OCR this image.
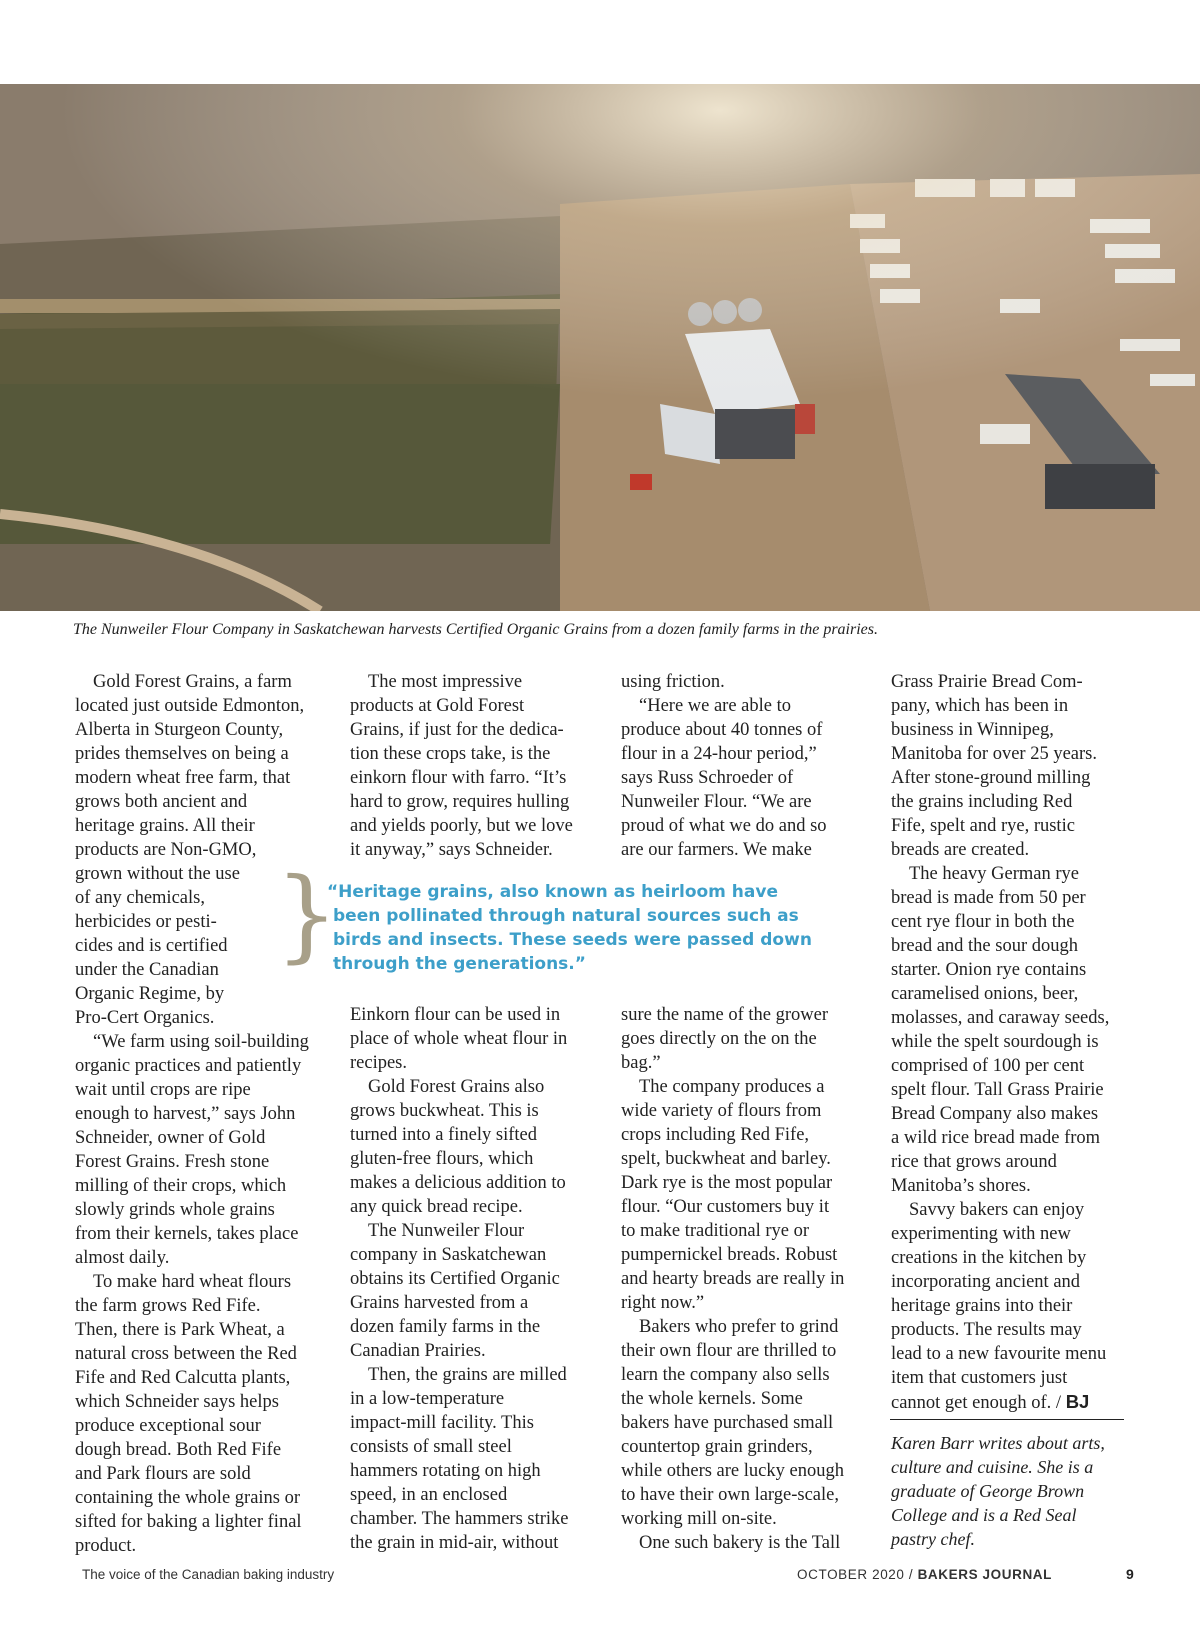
The Nunweiler Flour Company in Saskatchewan harvests Certified Organic Grains from a dozen family farms in the prairies.

Gold Forest Grains, a farm

located just outside Edmonton,

Alberta in Sturgeon County,

prides themselves on being a

modern wheat free farm, that

grows both ancient and

heritage grains. All their

products are Non-GMO,

grown without the use

of any chemicals,

herbicides or pesti-

cides and is certified

under the Canadian

Organic Regime, by

Pro-Cert Organics.

“We farm using soil-building

organic practices and patiently

wait until crops are ripe

enough to harvest,” says John

Schneider, owner of Gold

Forest Grains. Fresh stone

milling of their crops, which

slowly grinds whole grains

from their kernels, takes place

almost daily.

To make hard wheat flours

the farm grows Red Fife.

Then, there is Park Wheat, a

natural cross between the Red

Fife and Red Calcutta plants,

which Schneider says helps

produce exceptional sour

dough bread. Both Red Fife

and Park flours are sold

containing the whole grains or

sifted for baking a lighter final

product.

The most impressive

products at Gold Forest

Grains, if just for the dedica-

tion these crops take, is the

einkorn flour with farro. “It’s

hard to grow, requires hulling

and yields poorly, but we love

it anyway,” says Schneider.

using friction.

“Here we are able to

produce about 40 tonnes of

flour in a 24-hour period,”

says Russ Schroeder of

Nunweiler Flour. “We are

proud of what we do and so

are our farmers. We make

}
“Heritage grains, also known as heirloom have
been pollinated through natural sources such as
birds and insects. These seeds were passed down
through the generations.”

Einkorn flour can be used in

place of whole wheat flour in

recipes.

Gold Forest Grains also

grows buckwheat. This is

turned into a finely sifted

gluten-free flours, which

makes a delicious addition to

any quick bread recipe.

The Nunweiler Flour

company in Saskatchewan

obtains its Certified Organic

Grains harvested from a

dozen family farms in the

Canadian Prairies.

Then, the grains are milled

in a low-temperature

impact-mill facility. This

consists of small steel

hammers rotating on high

speed, in an enclosed

chamber. The hammers strike

the grain in mid-air, without

sure the name of the grower

goes directly on the on the

bag.”

The company produces a

wide variety of flours from

crops including Red Fife,

spelt, buckwheat and barley.

Dark rye is the most popular

flour. “Our customers buy it

to make traditional rye or

pumpernickel breads. Robust

and hearty breads are really in

right now.”

Bakers who prefer to grind

their own flour are thrilled to

learn the company also sells

the whole kernels. Some

bakers have purchased small

countertop grain grinders,

while others are lucky enough

to have their own large-scale,

working mill on-site.

One such bakery is the Tall

Grass Prairie Bread Com-

pany, which has been in

business in Winnipeg,

Manitoba for over 25 years.

After stone-ground milling

the grains including Red

Fife, spelt and rye, rustic

breads are created.

The heavy German rye

bread is made from 50 per

cent rye flour in both the

bread and the sour dough

starter. Onion rye contains

caramelised onions, beer,

molasses, and caraway seeds,

while the spelt sourdough is

comprised of 100 per cent

spelt flour. Tall Grass Prairie

Bread Company also makes

a wild rice bread made from

rice that grows around

Manitoba’s shores.

Savvy bakers can enjoy

experimenting with new

creations in the kitchen by

incorporating ancient and

heritage grains into their

products. The results may

lead to a new favourite menu

item that customers just

cannot get enough of. / BJ

Karen Barr writes about arts,
culture and cuisine. She is a
graduate of George Brown
College and is a Red Seal
pastry chef.
The voice of the Canadian baking industry	OCTOBER 2020 / BAKERS JOURNAL	9
